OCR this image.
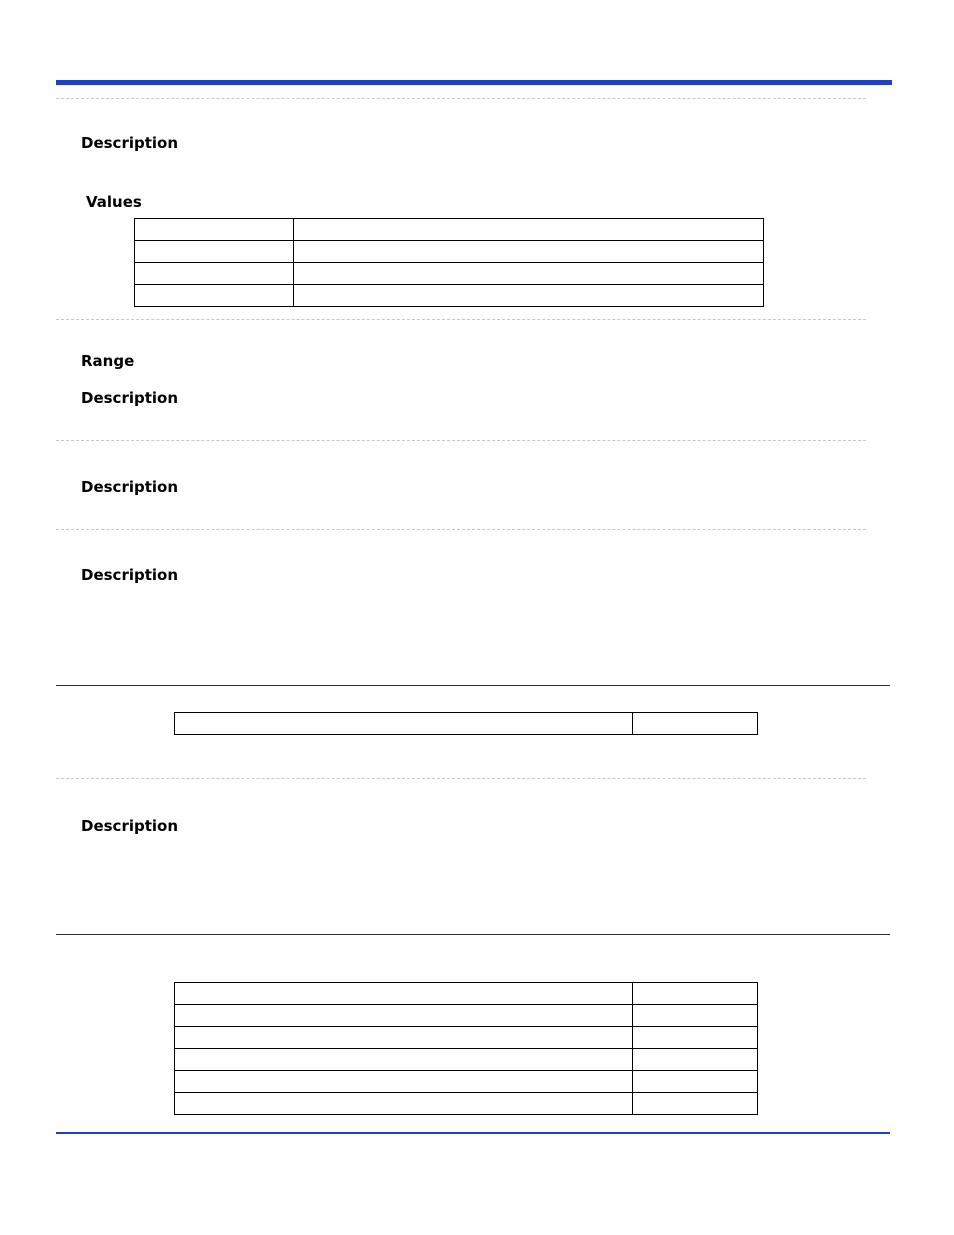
Description
Values

Range
Description
Description
Description

Description
